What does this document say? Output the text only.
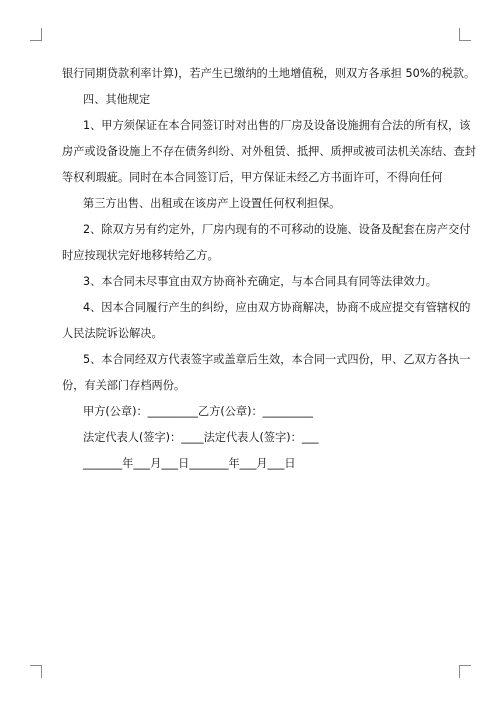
银行同期贷款利率计算)，若产生已缴纳的土地增值税，则双方各承担 50%的税款。
四、其他规定
1、甲方须保证在本合同签订时对出售的厂房及设备设施拥有合法的所有权，该
房产或设备设施上不存在债务纠纷、对外租赁、抵押、质押或被司法机关冻结、查封
等权利瑕疵。同时在本合同签订后，甲方保证未经乙方书面许可，不得向任何
第三方出售、出租或在该房产上设置任何权利担保。
2、除双方另有约定外，厂房内现有的不可移动的设施、设备及配套在房产交付
时应按现状完好地移转给乙方。
3、本合同未尽事宜由双方协商补充确定，与本合同具有同等法律效力。
4、因本合同履行产生的纠纷，应由双方协商解决，协商不成应提交有管辖权的
人民法院诉讼解决。
5、本合同经双方代表签字或盖章后生效，本合同一式四份，甲、乙双方各执一
份，有关部门存档两份。
甲方(公章)：_________乙方(公章)：_________
法定代表人(签字)：____法定代表人(签字)：___
_______年___月___日_______年___月___日
